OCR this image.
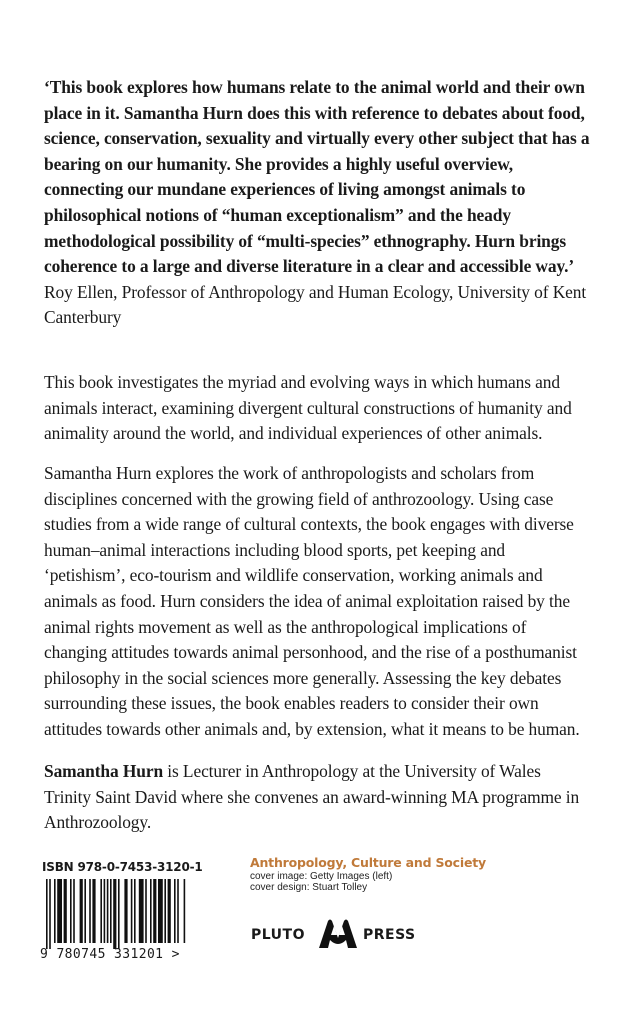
‘This book explores how humans relate to the animal world and their own place in it. Samantha Hurn does this with reference to debates about food, science, conservation, sexuality and virtually every other subject that has a bearing on our humanity. She provides a highly useful overview, connecting our mundane experiences of living amongst animals to philosophical notions of “human exceptionalism” and the heady methodological possibility of “multi-species” ethnography. Hurn brings coherence to a large and diverse literature in a clear and accessible way.’

Roy Ellen, Professor of Anthropology and Human Ecology, University of Kent Canterbury

This book investigates the myriad and evolving ways in which humans and animals interact, examining divergent cultural constructions of humanity and animality around the world, and individual experiences of other animals.

Samantha Hurn explores the work of anthropologists and scholars from disciplines concerned with the growing field of anthrozoology. Using case studies from a wide range of cultural contexts, the book engages with diverse human–animal interactions including blood sports, pet keeping and ‘petishism’, eco-tourism and wildlife conservation, working animals and animals as food. Hurn considers the idea of animal exploitation raised by the animal rights movement as well as the anthropological implications of changing attitudes towards animal personhood, and the rise of a posthumanist philosophy in the social sciences more generally. Assessing the key debates surrounding these issues, the book enables readers to consider their own attitudes towards other animals and, by extension, what it means to be human.

Samantha Hurn is Lecturer in Anthropology at the University of Wales Trinity Saint David where she convenes an award-winning MA programme in Anthrozoology.

ISBN 978-0-7453-3120-1
9 780745 331201 >
Anthropology, Culture and Society
cover image: Getty Images (left)
cover design: Stuart Tolley
PLUTO	PRESS
